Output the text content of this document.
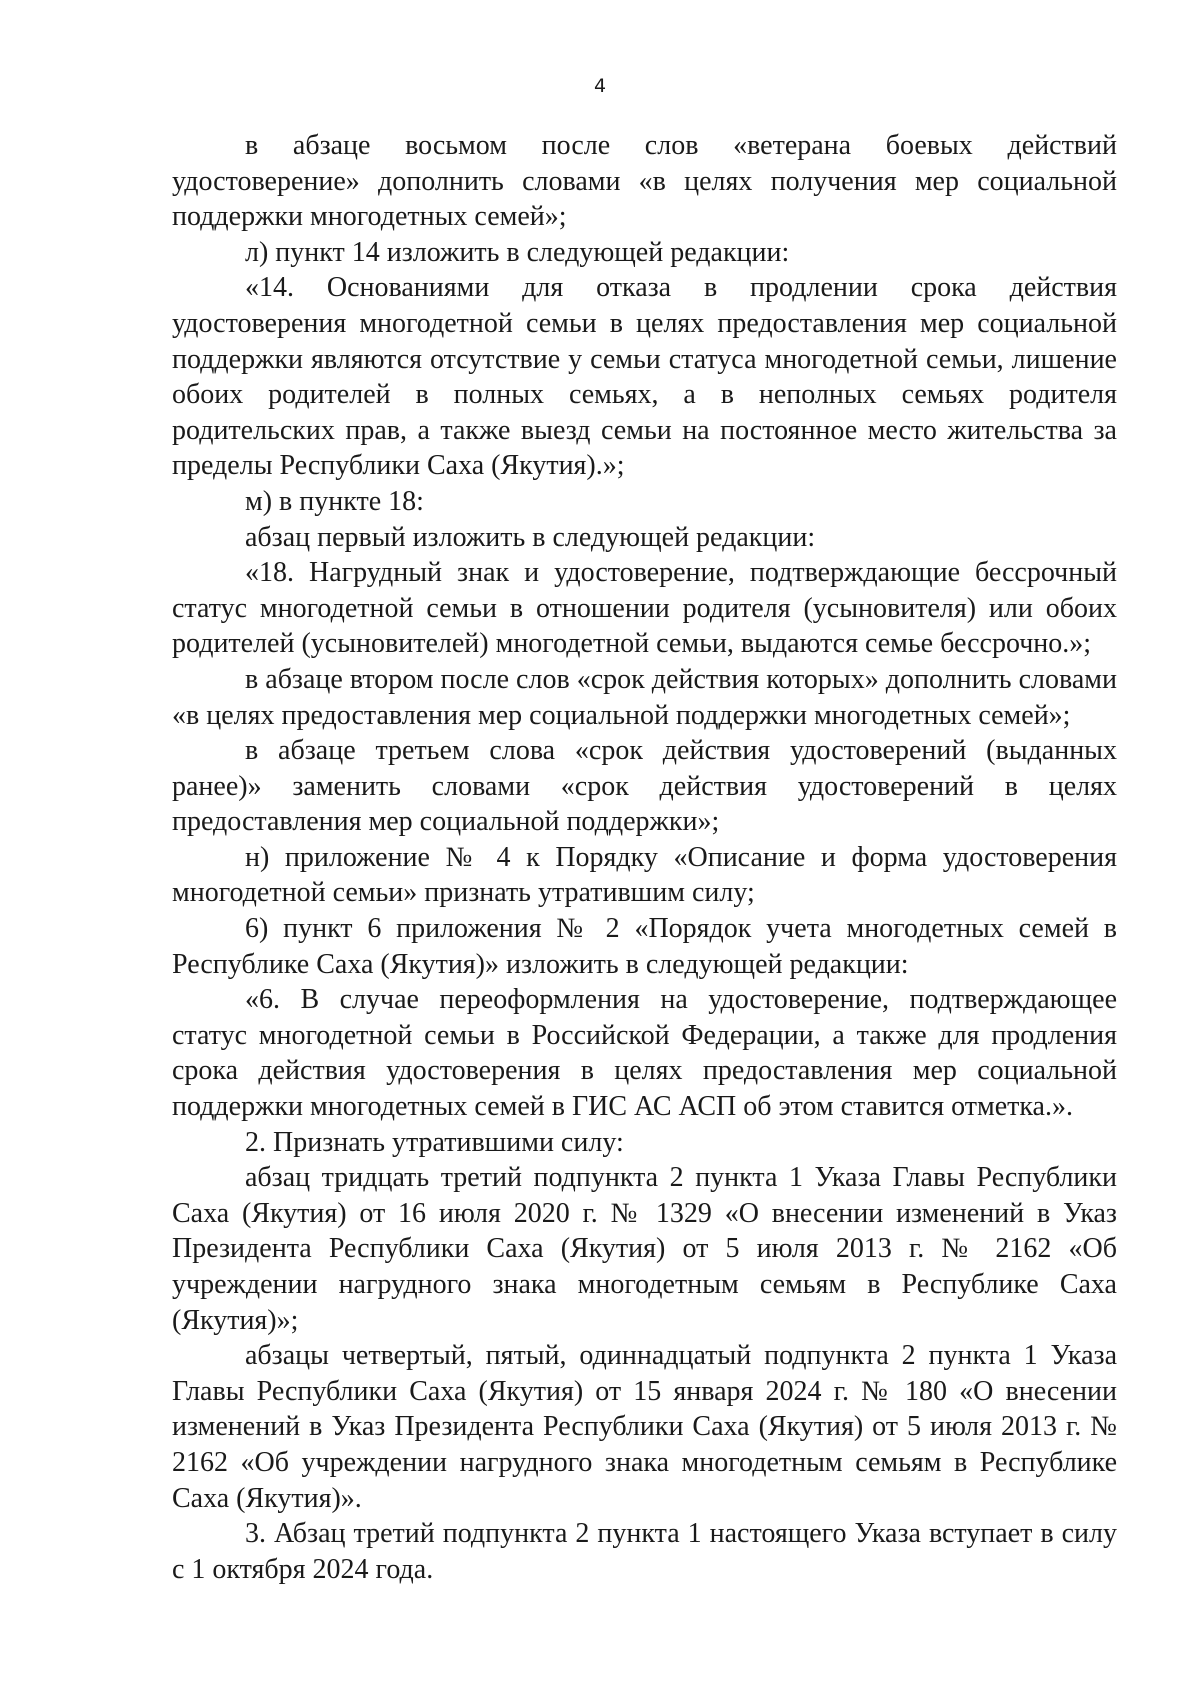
4

в абзаце восьмом после слов «ветерана боевых действий удостоверение» дополнить словами «в целях получения мер социальной поддержки многодетных семей»;

л) пункт 14 изложить в следующей редакции:

«14. Основаниями для отказа в продлении срока действия удостоверения многодетной семьи в целях предоставления мер социальной поддержки являются отсутствие у семьи статуса многодетной семьи, лишение обоих родителей в полных семьях, а в неполных семьях родителя родительских прав, а также выезд семьи на постоянное место жительства за пределы Республики Саха (Якутия).»;

м) в пункте 18:

абзац первый изложить в следующей редакции:

«18. Нагрудный знак и удостоверение, подтверждающие бессрочный статус многодетной семьи в отношении родителя (усыновителя) или обоих родителей (усыновителей) многодетной семьи, выдаются семье бессрочно.»;

в абзаце втором после слов «срок действия которых» дополнить словами «в целях предоставления мер социальной поддержки многодетных семей»;

в абзаце третьем слова «срок действия удостоверений (выданных ранее)» заменить словами «срок действия удостоверений в целях предоставления мер социальной поддержки»;

н) приложение № 4 к Порядку «Описание и форма удостоверения многодетной семьи» признать утратившим силу;

6) пункт 6 приложения № 2 «Порядок учета многодетных семей в Республике Саха (Якутия)» изложить в следующей редакции:

«6. В случае переоформления на удостоверение, подтверждающее статус многодетной семьи в Российской Федерации, а также для продления срока действия удостоверения в целях предоставления мер социальной поддержки многодетных семей в ГИС АС АСП об этом ставится отметка.».

2. Признать утратившими силу:

абзац тридцать третий подпункта 2 пункта 1 Указа Главы Республики Саха (Якутия) от 16 июля 2020 г. № 1329 «О внесении изменений в Указ Президента Республики Саха (Якутия) от 5 июля 2013 г. № 2162 «Об учреждении нагрудного знака многодетным семьям в Республике Саха (Якутия)»;

абзацы четвертый, пятый, одиннадцатый подпункта 2 пункта 1 Указа Главы Республики Саха (Якутия) от 15 января 2024 г. № 180 «О внесении изменений в Указ Президента Республики Саха (Якутия) от 5 июля 2013 г. № 2162 «Об учреждении нагрудного знака многодетным семьям в Республике Саха (Якутия)».

3. Абзац третий подпункта 2 пункта 1 настоящего Указа вступает в силу с 1 октября 2024 года.
